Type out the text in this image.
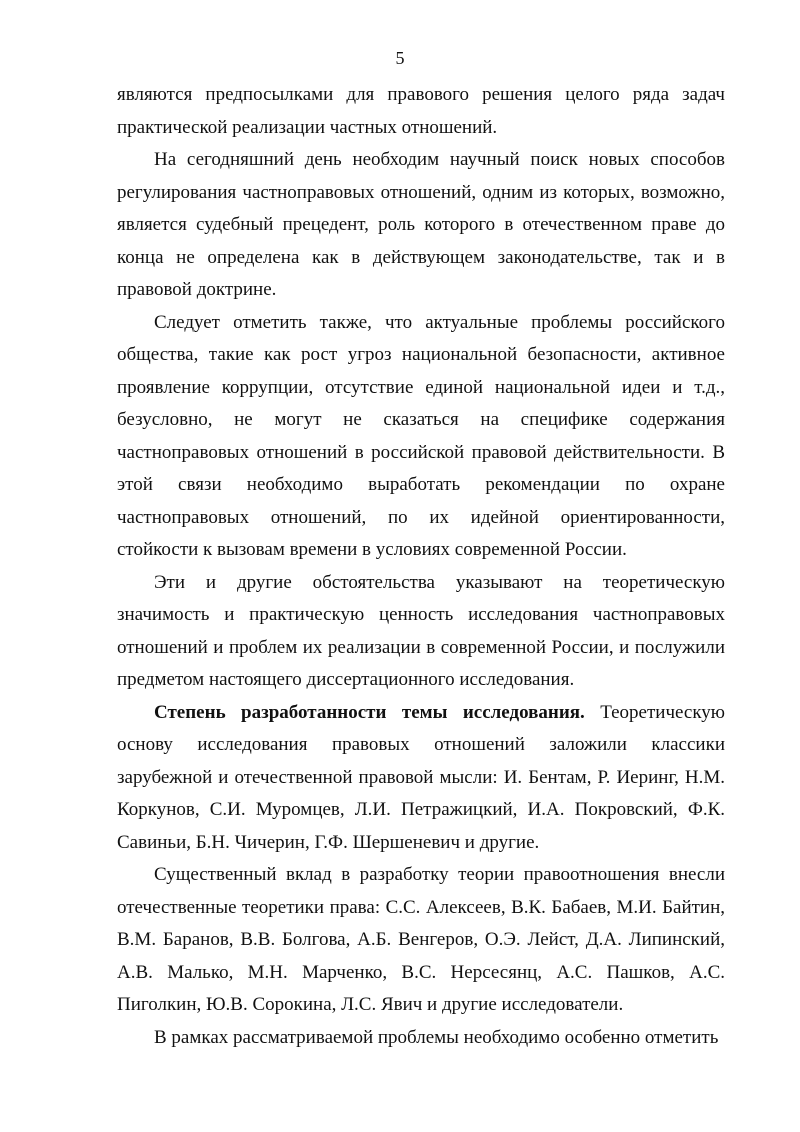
5

являются предпосылками для правового решения целого ряда задач практической реализации частных отношений.

На сегодняшний день необходим научный поиск новых способов регулирования частноправовых отношений, одним из которых, возможно, является судебный прецедент, роль которого в отечественном праве до конца не определена как в действующем законодательстве, так и в правовой доктрине.

Следует отметить также, что актуальные проблемы российского общества, такие как рост угроз национальной безопасности, активное проявление коррупции, отсутствие единой национальной идеи и т.д., безусловно, не могут не сказаться на специфике содержания частноправовых отношений в российской правовой действительности. В этой связи необходимо выработать рекомендации по охране частноправовых отношений, по их идейной ориентированности, стойкости к вызовам времени в условиях современной России.

Эти и другие обстоятельства указывают на теоретическую значимость и практическую ценность исследования частноправовых отношений и проблем их реализации в современной России, и послужили предметом настоящего диссертационного исследования.

Степень разработанности темы исследования. Теоретическую основу исследования правовых отношений заложили классики зарубежной и отечественной правовой мысли: И. Бентам, Р. Иеринг, Н.М. Коркунов, С.И. Муромцев, Л.И. Петражицкий, И.А. Покровский, Ф.К. Савиньи, Б.Н. Чичерин, Г.Ф. Шершеневич и другие.

Существенный вклад в разработку теории правоотношения внесли отечественные теоретики права: С.С. Алексеев, В.К. Бабаев, М.И. Байтин, В.М. Баранов, В.В. Болгова, А.Б. Венгеров, О.Э. Лейст, Д.А. Липинский, А.В. Малько, М.Н. Марченко, В.С. Нерсесянц, А.С. Пашков, А.С. Пиголкин, Ю.В. Сорокина, Л.С. Явич и другие исследователи.

В рамках рассматриваемой проблемы необходимо особенно отметить
